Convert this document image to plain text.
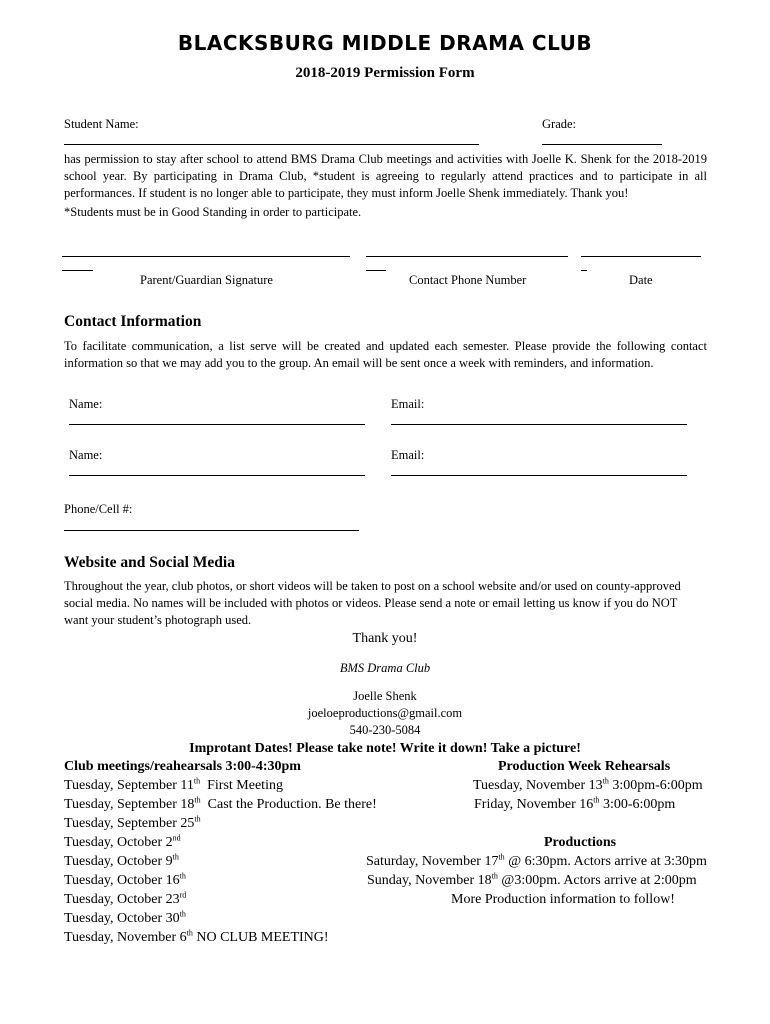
BLACKSBURG MIDDLE DRAMA CLUB
2018-2019 Permission Form
Student Name:	Grade:
has permission to stay after school to attend BMS Drama Club meetings and activities with Joelle K. Shenk for the 2018-2019 school year. By participating in Drama Club, *student is agreeing to regularly attend practices and to participate in all performances. If student is no longer able to participate, they must inform Joelle Shenk immediately. Thank you!
*Students must be in Good Standing in order to participate.
Parent/Guardian Signature	Contact Phone Number	Date
Contact Information
To facilitate communication, a list serve will be created and updated each semester. Please provide the following contact information so that we may add you to the group. An email will be sent once a week with reminders, and information.
Name:	Email:
Name:	Email:
Phone/Cell #:
Website and Social Media
Throughout the year, club photos, or short videos will be taken to post on a school website and/or used on county-approved social media. No names will be included with photos or videos. Please send a note or email letting us know if you do NOT want your student’s photograph used.
Thank you!
BMS Drama Club
Joelle Shenk
joeloeproductions@gmail.com
540-230-5084
Improtant Dates! Please take note! Write it down! Take a picture!
Club meetings/reahearsals 3:00-4:30pm	Production Week Rehearsals
Tuesday, September 11th  First Meeting
Tuesday, September 18th  Cast the Production. Be there!
Tuesday, September 25th
Tuesday, October 2nd
Tuesday, October 9th
Tuesday, October 16th
Tuesday, October 23rd
Tuesday, October 30th
Tuesday, November 6th NO CLUB MEETING!
Tuesday, November 13th 3:00pm-6:00pm
Friday, November 16th 3:00-6:00pm
Productions
Saturday, November 17th @ 6:30pm. Actors arrive at 3:30pm
Sunday, November 18th @3:00pm. Actors arrive at 2:00pm
More Production information to follow!
